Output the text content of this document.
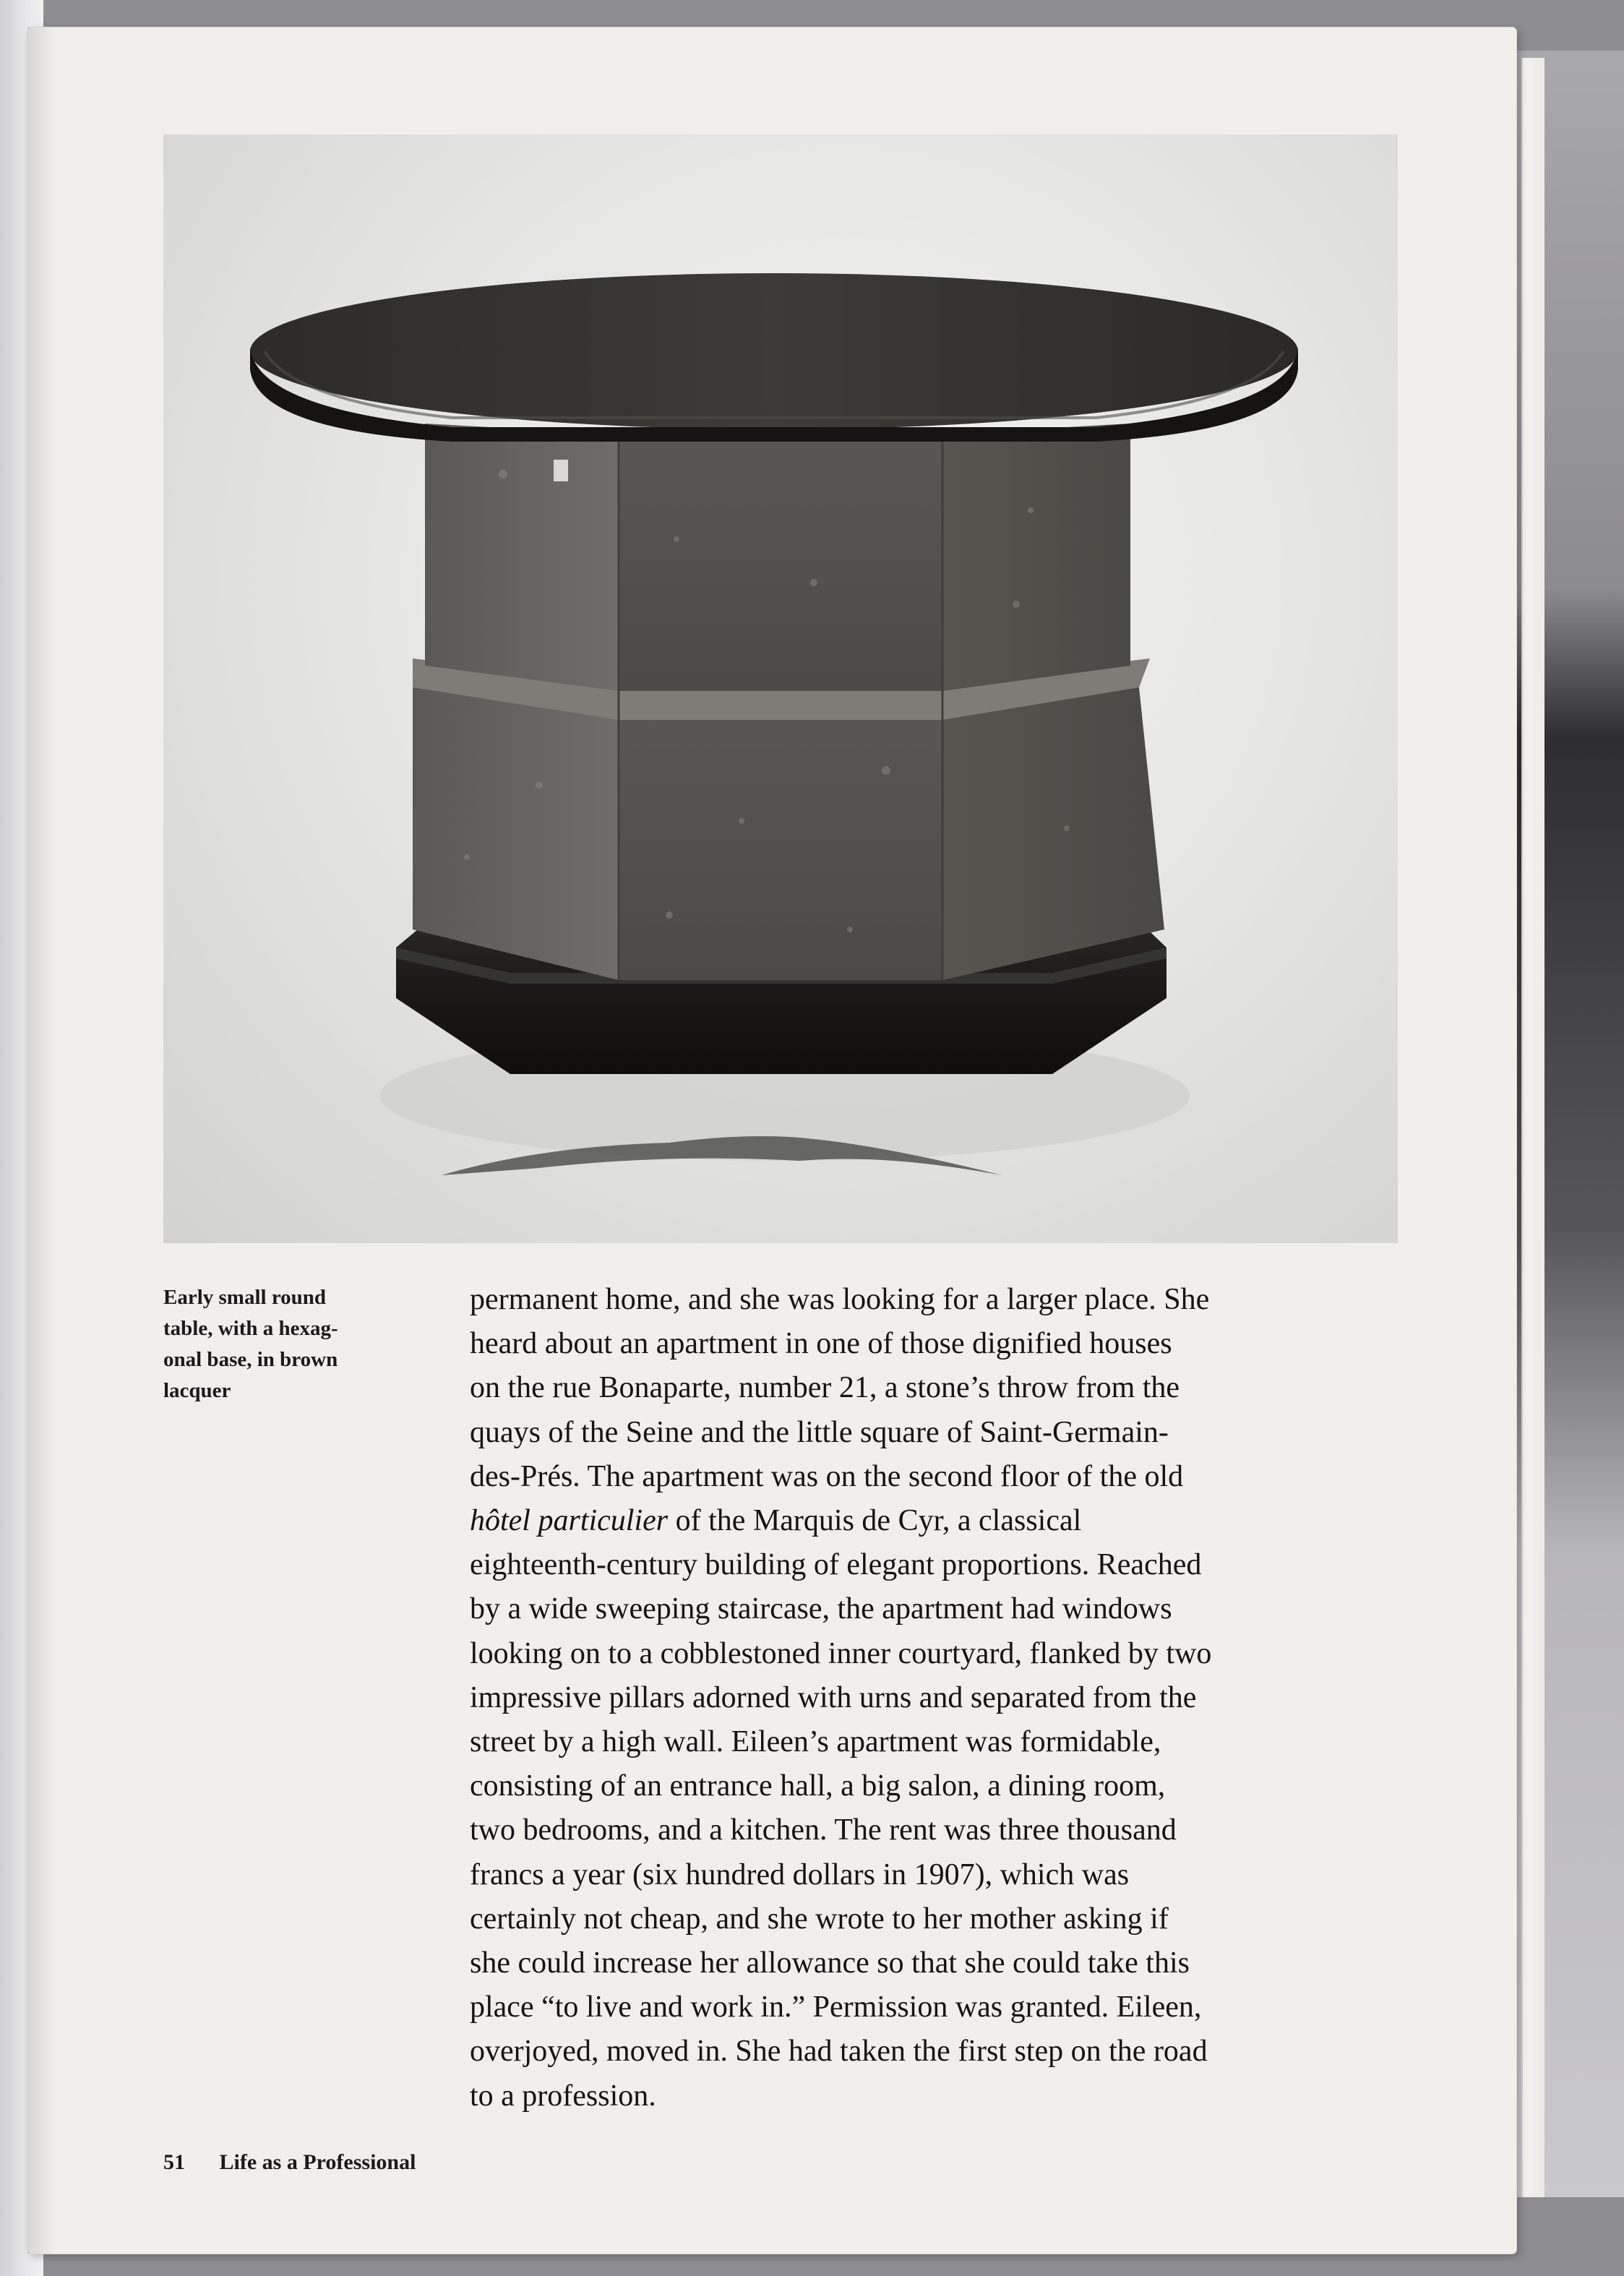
Early small round
table, with a hexag-
onal base, in brown
lacquer
permanent home, and she was looking for a larger place. She
heard about an apartment in one of those dignified houses
on the rue Bonaparte, number 21, a stone’s throw from the
quays of the Seine and the little square of Saint-Germain-
des-Prés. The apartment was on the second floor of the old
hôtel particulier of the Marquis de Cyr, a classical
eighteenth-century building of elegant proportions. Reached
by a wide sweeping staircase, the apartment had windows
looking on to a cobblestoned inner courtyard, flanked by two
impressive pillars adorned with urns and separated from the
street by a high wall. Eileen’s apartment was formidable,
consisting of an entrance hall, a big salon, a dining room,
two bedrooms, and a kitchen. The rent was three thousand
francs a year (six hundred dollars in 1907), which was
certainly not cheap, and she wrote to her mother asking if
she could increase her allowance so that she could take this
place “to live and work in.” Permission was granted. Eileen,
overjoyed, moved in. She had taken the first step on the road
to a profession.
51 Life as a Professional
